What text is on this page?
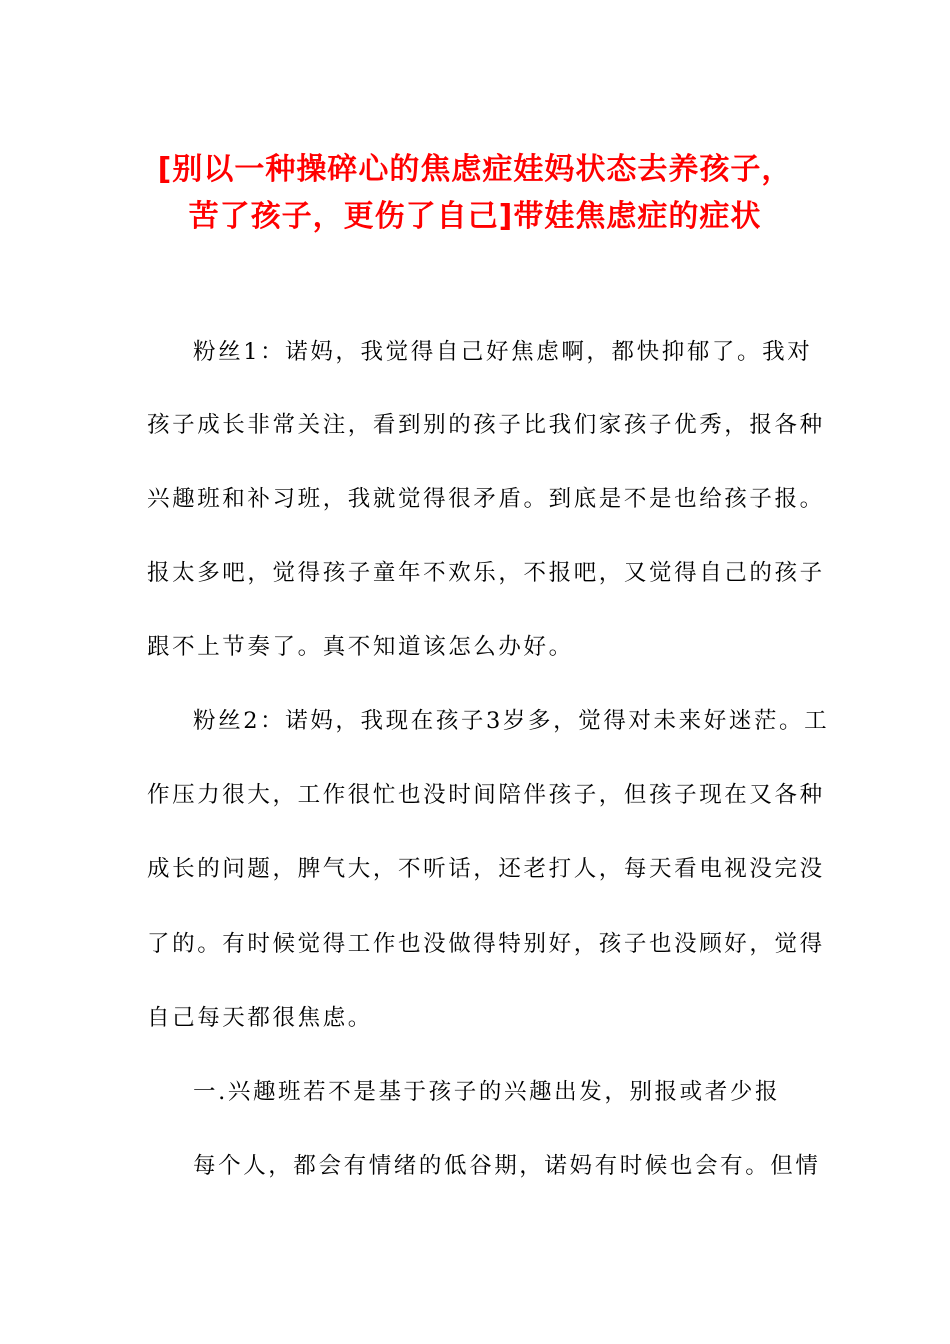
[别以一种操碎心的焦虑症娃妈状态去养孩子，
苦了孩子，更伤了自己]带娃焦虑症的症状
粉丝1：诺妈，我觉得自己好焦虑啊，都快抑郁了。我对
孩子成长非常关注，看到别的孩子比我们家孩子优秀，报各种
兴趣班和补习班，我就觉得很矛盾。到底是不是也给孩子报。
报太多吧，觉得孩子童年不欢乐，不报吧，又觉得自己的孩子
跟不上节奏了。真不知道该怎么办好。
粉丝2：诺妈，我现在孩子3岁多，觉得对未来好迷茫。工
作压力很大，工作很忙也没时间陪伴孩子，但孩子现在又各种
成长的问题，脾气大，不听话，还老打人，每天看电视没完没
了的。有时候觉得工作也没做得特别好，孩子也没顾好，觉得
自己每天都很焦虑。
一.兴趣班若不是基于孩子的兴趣出发，别报或者少报
每个人，都会有情绪的低谷期，诺妈有时候也会有。但情
